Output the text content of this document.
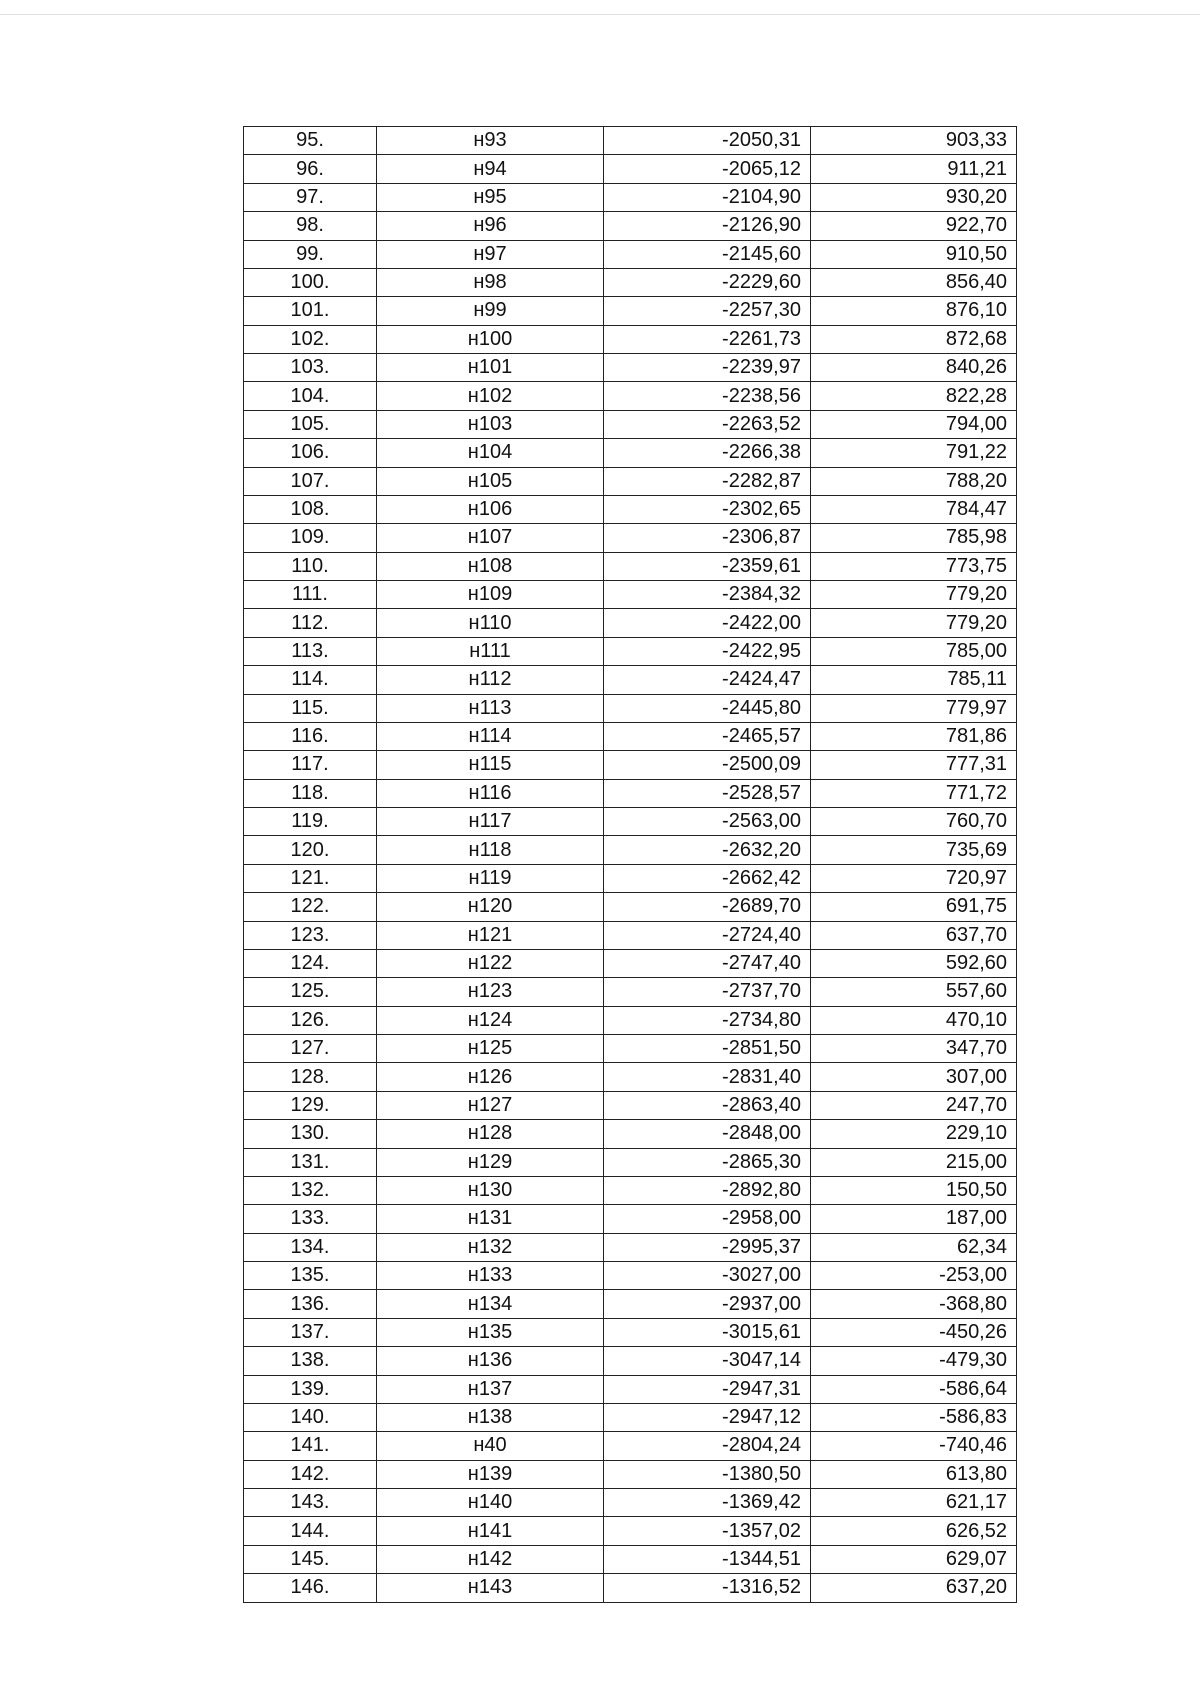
95.	н93	-2050,31	903,33
96.	н94	-2065,12	911,21
97.	н95	-2104,90	930,20
98.	н96	-2126,90	922,70
99.	н97	-2145,60	910,50
100.	н98	-2229,60	856,40
101.	н99	-2257,30	876,10
102.	н100	-2261,73	872,68
103.	н101	-2239,97	840,26
104.	н102	-2238,56	822,28
105.	н103	-2263,52	794,00
106.	н104	-2266,38	791,22
107.	н105	-2282,87	788,20
108.	н106	-2302,65	784,47
109.	н107	-2306,87	785,98
110.	н108	-2359,61	773,75
111.	н109	-2384,32	779,20
112.	н110	-2422,00	779,20
113.	н111	-2422,95	785,00
114.	н112	-2424,47	785,11
115.	н113	-2445,80	779,97
116.	н114	-2465,57	781,86
117.	н115	-2500,09	777,31
118.	н116	-2528,57	771,72
119.	н117	-2563,00	760,70
120.	н118	-2632,20	735,69
121.	н119	-2662,42	720,97
122.	н120	-2689,70	691,75
123.	н121	-2724,40	637,70
124.	н122	-2747,40	592,60
125.	н123	-2737,70	557,60
126.	н124	-2734,80	470,10
127.	н125	-2851,50	347,70
128.	н126	-2831,40	307,00
129.	н127	-2863,40	247,70
130.	н128	-2848,00	229,10
131.	н129	-2865,30	215,00
132.	н130	-2892,80	150,50
133.	н131	-2958,00	187,00
134.	н132	-2995,37	62,34
135.	н133	-3027,00	-253,00
136.	н134	-2937,00	-368,80
137.	н135	-3015,61	-450,26
138.	н136	-3047,14	-479,30
139.	н137	-2947,31	-586,64
140.	н138	-2947,12	-586,83
141.	н40	-2804,24	-740,46
142.	н139	-1380,50	613,80
143.	н140	-1369,42	621,17
144.	н141	-1357,02	626,52
145.	н142	-1344,51	629,07
146.	н143	-1316,52	637,20
